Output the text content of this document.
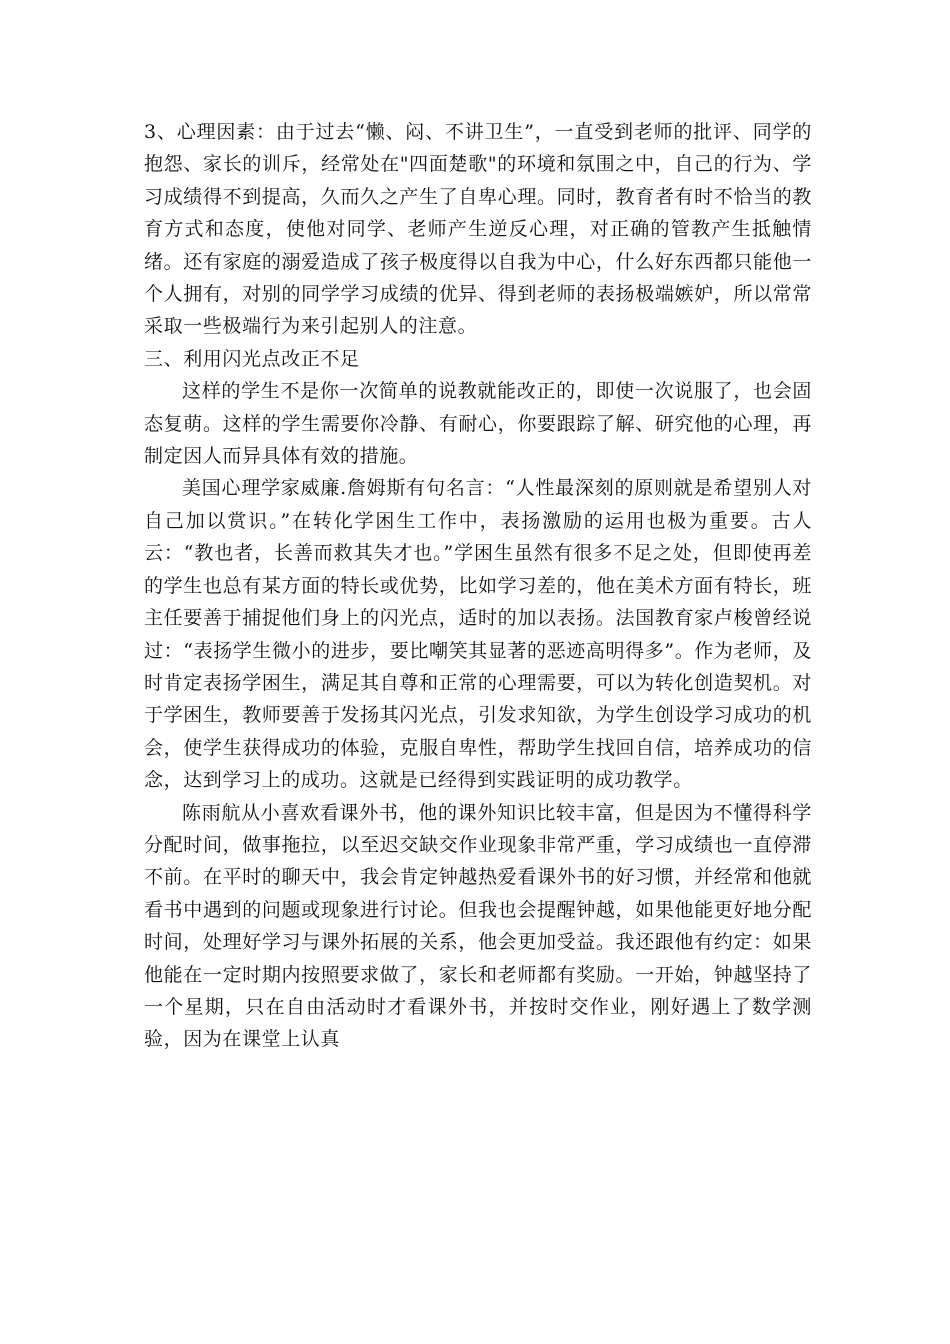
3、心理因素：由于过去“懒、闷、不讲卫生”，一直受到老师的批评、同学的抱怨、家长的训斥，经常处在"四面楚歌"的环境和氛围之中，自己的行为、学习成绩得不到提高，久而久之产生了自卑心理。同时，教育者有时不恰当的教育方式和态度，使他对同学、老师产生逆反心理，对正确的管教产生抵触情绪。还有家庭的溺爱造成了孩子极度得以自我为中心，什么好东西都只能他一个人拥有，对别的同学学习成绩的优异、得到老师的表扬极端嫉妒，所以常常采取一些极端行为来引起别人的注意。

三、利用闪光点改正不足

这样的学生不是你一次简单的说教就能改正的，即使一次说服了，也会固态复萌。这样的学生需要你冷静、有耐心，你要跟踪了解、研究他的心理，再制定因人而异具体有效的措施。

美国心理学家威廉.詹姆斯有句名言：“人性最深刻的原则就是希望别人对自己加以赏识。”在转化学困生工作中，表扬激励的运用也极为重要。古人云：“教也者，长善而救其失才也。”学困生虽然有很多不足之处，但即使再差的学生也总有某方面的特长或优势，比如学习差的，他在美术方面有特长，班主任要善于捕捉他们身上的闪光点，适时的加以表扬。法国教育家卢梭曾经说过：“表扬学生微小的进步，要比嘲笑其显著的恶迹高明得多”。作为老师，及时肯定表扬学困生，满足其自尊和正常的心理需要，可以为转化创造契机。对于学困生，教师要善于发扬其闪光点，引发求知欲，为学生创设学习成功的机会，使学生获得成功的体验，克服自卑性，帮助学生找回自信，培养成功的信念，达到学习上的成功。这就是已经得到实践证明的成功教学。

陈雨航从小喜欢看课外书，他的课外知识比较丰富，但是因为不懂得科学分配时间，做事拖拉，以至迟交缺交作业现象非常严重，学习成绩也一直停滞不前。在平时的聊天中，我会肯定钟越热爱看课外书的好习惯，并经常和他就看书中遇到的问题或现象进行讨论。但我也会提醒钟越，如果他能更好地分配时间，处理好学习与课外拓展的关系，他会更加受益。我还跟他有约定：如果他能在一定时期内按照要求做了，家长和老师都有奖励。一开始，钟越坚持了一个星期，只在自由活动时才看课外书，并按时交作业，刚好遇上了数学测验，因为在课堂上认真
